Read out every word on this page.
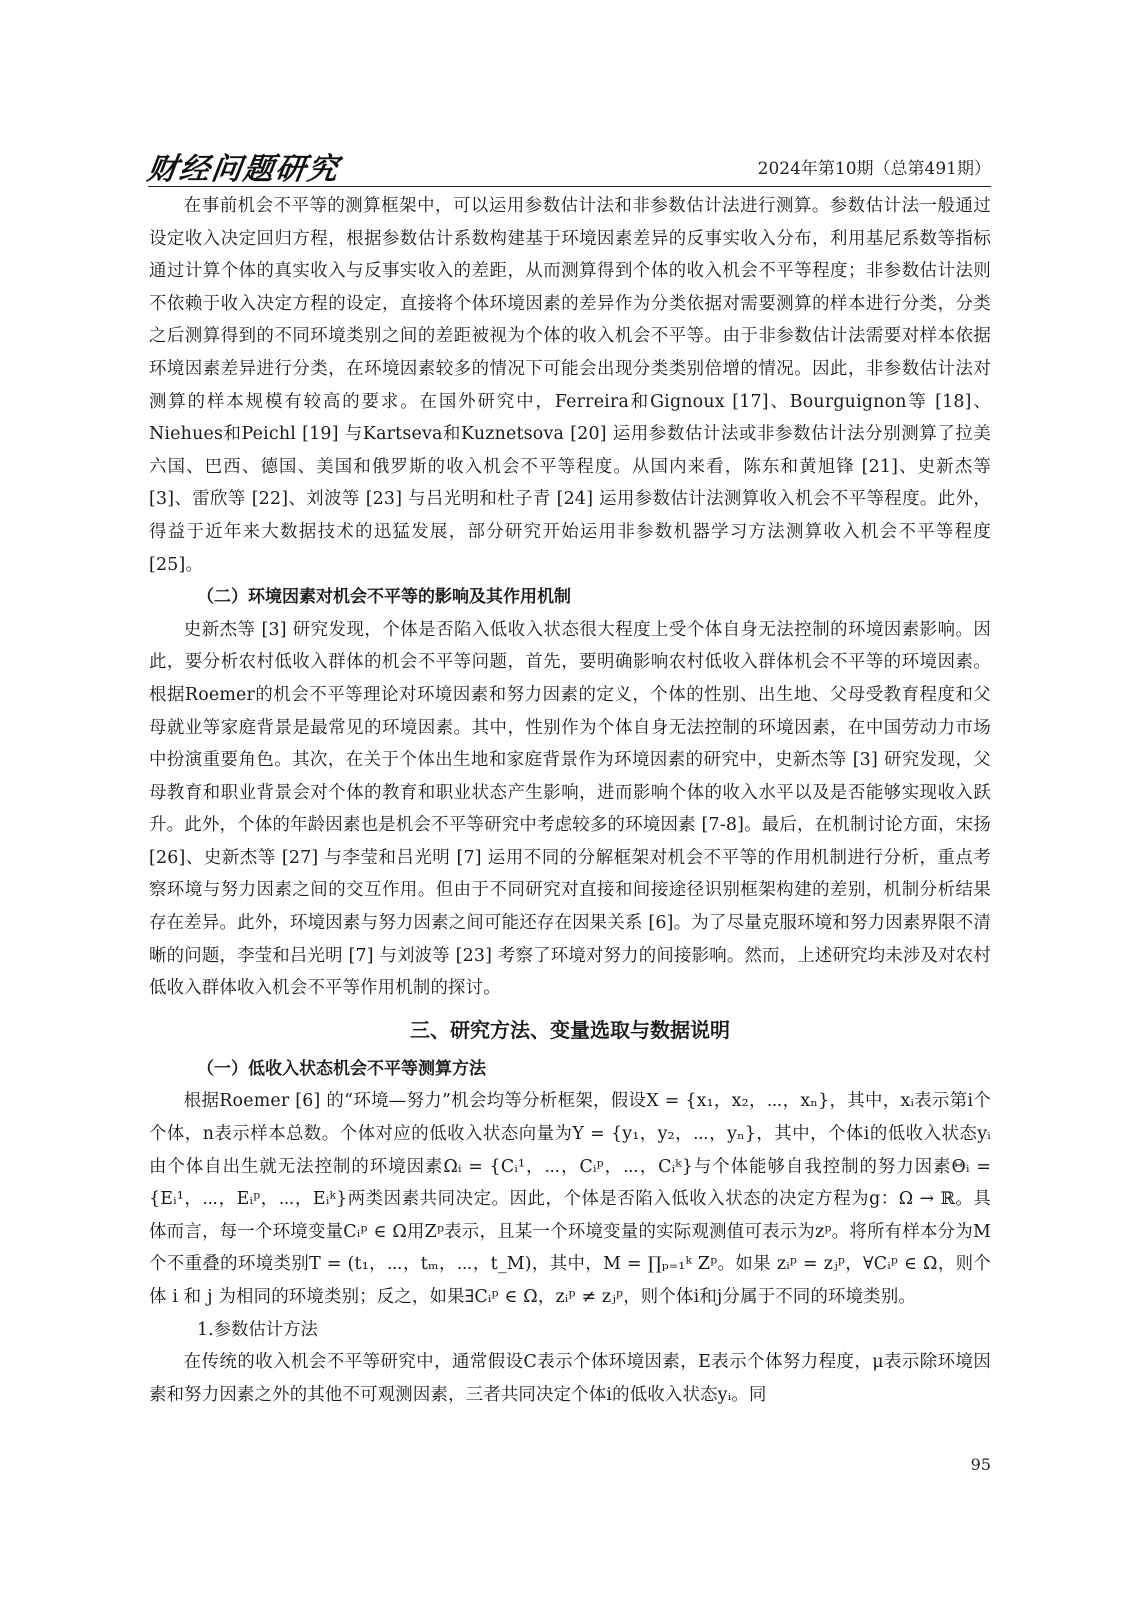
财经问题研究	2024年第10期（总第491期）

在事前机会不平等的测算框架中，可以运用参数估计法和非参数估计法进行测算。参数估计法一般通过设定收入决定回归方程，根据参数估计系数构建基于环境因素差异的反事实收入分布，利用基尼系数等指标通过计算个体的真实收入与反事实收入的差距，从而测算得到个体的收入机会不平等程度；非参数估计法则不依赖于收入决定方程的设定，直接将个体环境因素的差异作为分类依据对需要测算的样本进行分类，分类之后测算得到的不同环境类别之间的差距被视为个体的收入机会不平等。由于非参数估计法需要对样本依据环境因素差异进行分类，在环境因素较多的情况下可能会出现分类类别倍增的情况。因此，非参数估计法对测算的样本规模有较高的要求。在国外研究中，Ferreira和Gignoux [17]、Bourguignon等 [18]、Niehues和Peichl [19] 与Kartseva和Kuznetsova [20] 运用参数估计法或非参数估计法分别测算了拉美六国、巴西、德国、美国和俄罗斯的收入机会不平等程度。从国内来看，陈东和黄旭锋 [21]、史新杰等 [3]、雷欣等 [22]、刘波等 [23] 与吕光明和杜子青 [24] 运用参数估计法测算收入机会不平等程度。此外，得益于近年来大数据技术的迅猛发展，部分研究开始运用非参数机器学习方法测算收入机会不平等程度 [25]。

（二）环境因素对机会不平等的影响及其作用机制

史新杰等 [3] 研究发现，个体是否陷入低收入状态很大程度上受个体自身无法控制的环境因素影响。因此，要分析农村低收入群体的机会不平等问题，首先，要明确影响农村低收入群体机会不平等的环境因素。根据Roemer的机会不平等理论对环境因素和努力因素的定义，个体的性别、出生地、父母受教育程度和父母就业等家庭背景是最常见的环境因素。其中，性别作为个体自身无法控制的环境因素，在中国劳动力市场中扮演重要角色。其次，在关于个体出生地和家庭背景作为环境因素的研究中，史新杰等 [3] 研究发现，父母教育和职业背景会对个体的教育和职业状态产生影响，进而影响个体的收入水平以及是否能够实现收入跃升。此外，个体的年龄因素也是机会不平等研究中考虑较多的环境因素 [7-8]。最后，在机制讨论方面，宋扬 [26]、史新杰等 [27] 与李莹和吕光明 [7] 运用不同的分解框架对机会不平等的作用机制进行分析，重点考察环境与努力因素之间的交互作用。但由于不同研究对直接和间接途径识别框架构建的差别，机制分析结果存在差异。此外，环境因素与努力因素之间可能还存在因果关系 [6]。为了尽量克服环境和努力因素界限不清晰的问题，李莹和吕光明 [7] 与刘波等 [23] 考察了环境对努力的间接影响。然而，上述研究均未涉及对农村低收入群体收入机会不平等作用机制的探讨。

三、研究方法、变量选取与数据说明

（一）低收入状态机会不平等测算方法

根据Roemer [6] 的“环境—努力”机会均等分析框架，假设X = {x₁，x₂，⋯，xₙ}，其中，xᵢ表示第i个个体，n表示样本总数。个体对应的低收入状态向量为Y = {y₁，y₂，⋯，yₙ}，其中，个体i的低收入状态yᵢ由个体自出生就无法控制的环境因素Ωᵢ = {Cᵢ¹，⋯，Cᵢᵖ，⋯，Cᵢᵏ}与个体能够自我控制的努力因素Θᵢ = {Eᵢ¹，⋯，Eᵢᵖ，⋯，Eᵢᵏ}两类因素共同决定。因此，个体是否陷入低收入状态的决定方程为g：Ω → ℝ。具体而言，每一个环境变量Cᵢᵖ ∈ Ω用Zᵖ表示，且某一个环境变量的实际观测值可表示为zᵖ。将所有样本分为M个不重叠的环境类别T = (t₁，⋯，tₘ，⋯，t_M)，其中，M = ∏ₚ₌₁ᵏ Zᵖ。如果 zᵢᵖ = zⱼᵖ，∀Cᵢᵖ ∈ Ω，则个体 i 和 j 为相同的环境类别；反之，如果∃Cᵢᵖ ∈ Ω，zᵢᵖ ≠ zⱼᵖ，则个体i和j分属于不同的环境类别。

1.参数估计方法

在传统的收入机会不平等研究中，通常假设C表示个体环境因素，E表示个体努力程度，μ表示除环境因素和努力因素之外的其他不可观测因素，三者共同决定个体i的低收入状态yᵢ。同

95
